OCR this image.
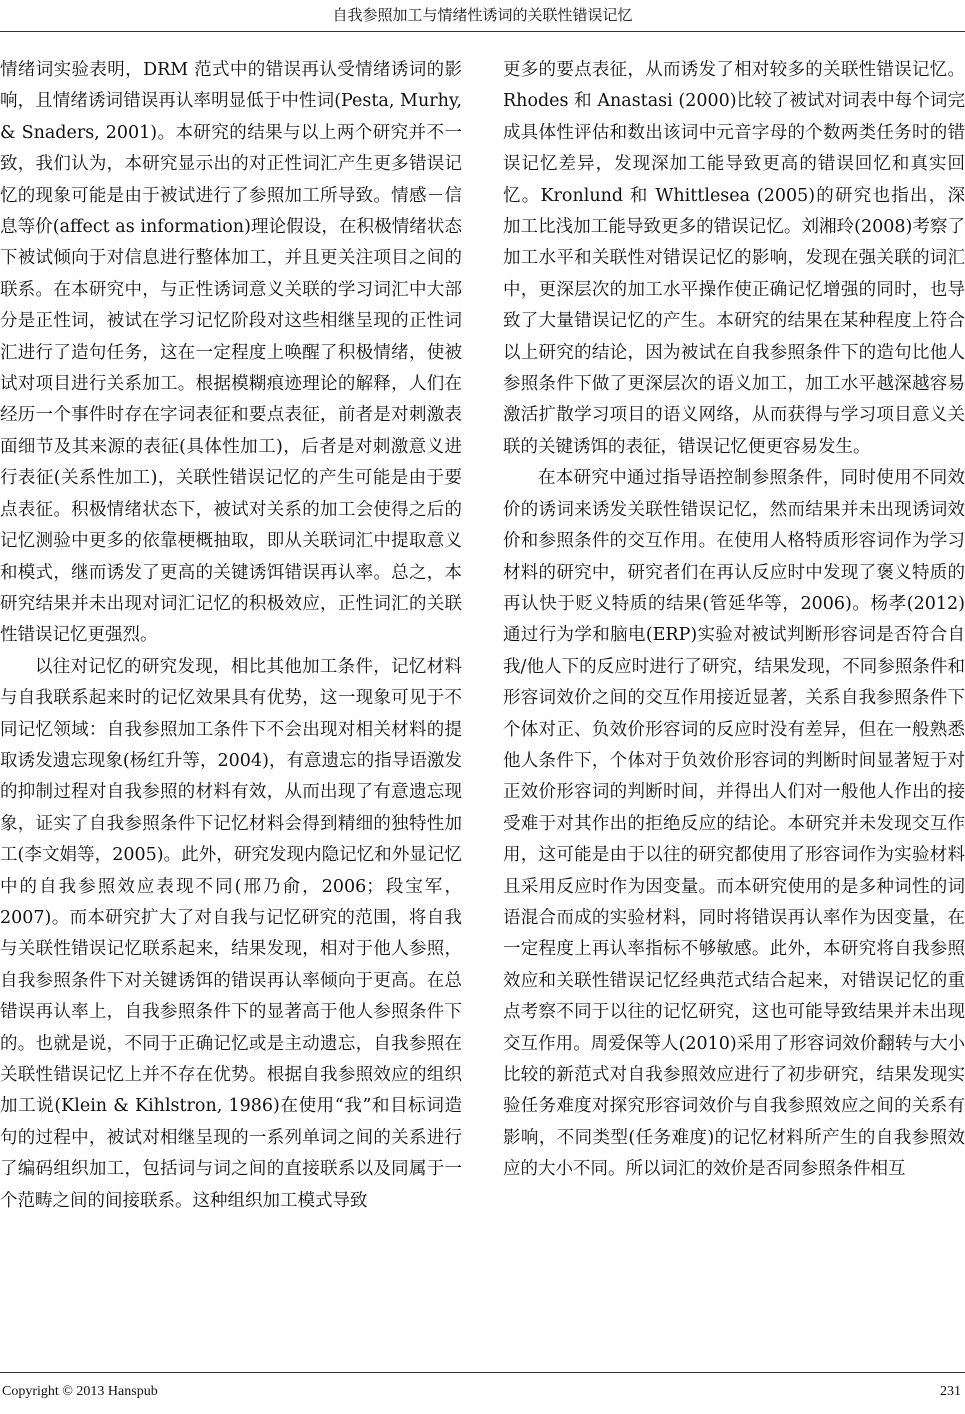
自我参照加工与情绪性诱词的关联性错误记忆

情绪词实验表明，DRM 范式中的错误再认受情绪诱词的影响，且情绪诱词错误再认率明显低于中性词(Pesta, Murhy, & Snaders, 2001)。本研究的结果与以上两个研究并不一致，我们认为，本研究显示出的对正性词汇产生更多错误记忆的现象可能是由于被试进行了参照加工所导致。情感－信息等价(affect as information)理论假设，在积极情绪状态下被试倾向于对信息进行整体加工，并且更关注项目之间的联系。在本研究中，与正性诱词意义关联的学习词汇中大部分是正性词，被试在学习记忆阶段对这些相继呈现的正性词汇进行了造句任务，这在一定程度上唤醒了积极情绪，使被试对项目进行关系加工。根据模糊痕迹理论的解释，人们在经历一个事件时存在字词表征和要点表征，前者是对刺激表面细节及其来源的表征(具体性加工)，后者是对刺激意义进行表征(关系性加工)，关联性错误记忆的产生可能是由于要点表征。积极情绪状态下，被试对关系的加工会使得之后的记忆测验中更多的依靠梗概抽取，即从关联词汇中提取意义和模式，继而诱发了更高的关键诱饵错误再认率。总之，本研究结果并未出现对词汇记忆的积极效应，正性词汇的关联性错误记忆更强烈。

以往对记忆的研究发现，相比其他加工条件，记忆材料与自我联系起来时的记忆效果具有优势，这一现象可见于不同记忆领域：自我参照加工条件下不会出现对相关材料的提取诱发遗忘现象(杨红升等，2004)，有意遗忘的指导语激发的抑制过程对自我参照的材料有效，从而出现了有意遗忘现象，证实了自我参照条件下记忆材料会得到精细的独特性加工(李文娟等，2005)。此外，研究发现内隐记忆和外显记忆中的自我参照效应表现不同(邢乃俞，2006；段宝军，2007)。而本研究扩大了对自我与记忆研究的范围，将自我与关联性错误记忆联系起来，结果发现，相对于他人参照，自我参照条件下对关键诱饵的错误再认率倾向于更高。在总错误再认率上，自我参照条件下的显著高于他人参照条件下的。也就是说，不同于正确记忆或是主动遗忘，自我参照在关联性错误记忆上并不存在优势。根据自我参照效应的组织加工说(Klein & Kihlstron, 1986)在使用“我”和目标词造句的过程中，被试对相继呈现的一系列单词之间的关系进行了编码组织加工，包括词与词之间的直接联系以及同属于一个范畴之间的间接联系。这种组织加工模式导致

更多的要点表征，从而诱发了相对较多的关联性错误记忆。Rhodes 和 Anastasi (2000)比较了被试对词表中每个词完成具体性评估和数出该词中元音字母的个数两类任务时的错误记忆差异，发现深加工能导致更高的错误回忆和真实回忆。Kronlund 和 Whittlesea (2005)的研究也指出，深加工比浅加工能导致更多的错误记忆。刘湘玲(2008)考察了加工水平和关联性对错误记忆的影响，发现在强关联的词汇中，更深层次的加工水平操作使正确记忆增强的同时，也导致了大量错误记忆的产生。本研究的结果在某种程度上符合以上研究的结论，因为被试在自我参照条件下的造句比他人参照条件下做了更深层次的语义加工，加工水平越深越容易激活扩散学习项目的语义网络，从而获得与学习项目意义关联的关键诱饵的表征，错误记忆便更容易发生。

在本研究中通过指导语控制参照条件，同时使用不同效价的诱词来诱发关联性错误记忆，然而结果并未出现诱词效价和参照条件的交互作用。在使用人格特质形容词作为学习材料的研究中，研究者们在再认反应时中发现了褒义特质的再认快于贬义特质的结果(管延华等，2006)。杨孝(2012)通过行为学和脑电(ERP)实验对被试判断形容词是否符合自我/他人下的反应时进行了研究，结果发现，不同参照条件和形容词效价之间的交互作用接近显著，关系自我参照条件下个体对正、负效价形容词的反应时没有差异，但在一般熟悉他人条件下，个体对于负效价形容词的判断时间显著短于对正效价形容词的判断时间，并得出人们对一般他人作出的接受难于对其作出的拒绝反应的结论。本研究并未发现交互作用，这可能是由于以往的研究都使用了形容词作为实验材料且采用反应时作为因变量。而本研究使用的是多种词性的词语混合而成的实验材料，同时将错误再认率作为因变量，在一定程度上再认率指标不够敏感。此外，本研究将自我参照效应和关联性错误记忆经典范式结合起来，对错误记忆的重点考察不同于以往的记忆研究，这也可能导致结果并未出现交互作用。周爱保等人(2010)采用了形容词效价翻转与大小比较的新范式对自我参照效应进行了初步研究，结果发现实验任务难度对探究形容词效价与自我参照效应之间的关系有影响，不同类型(任务难度)的记忆材料所产生的自我参照效应的大小不同。所以词汇的效价是否同参照条件相互

Copyright © 2013 Hanspub	231
